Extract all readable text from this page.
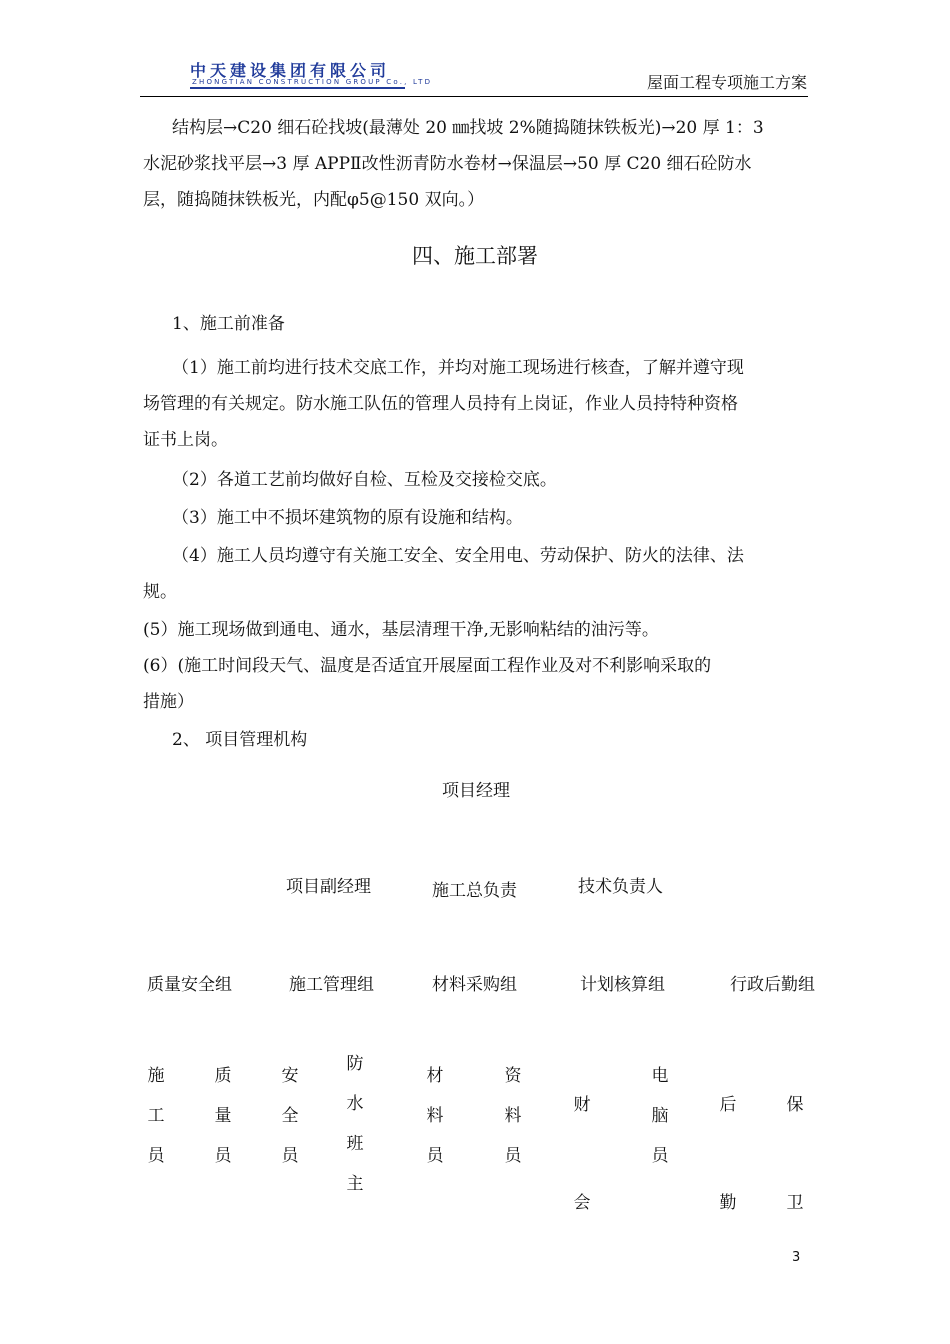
中天建设集团有限公司
ZHONGTIAN CONSTRUCTION GROUP Co., LTD	屋面工程专项施工方案
结构层→C20 细石砼找坡(最薄处 20 ㎜找坡 2%随捣随抹铁板光)→20 厚 1：3
水泥砂浆找平层→3 厚 APPⅡ改性沥青防水卷材→保温层→50 厚 C20 细石砼防水
层，随捣随抹铁板光，内配φ5@150 双向。）
四、施工部署
1、施工前准备
（1）施工前均进行技术交底工作，并均对施工现场进行核查，了解并遵守现
场管理的有关规定。防水施工队伍的管理人员持有上岗证，作业人员持特种资格
证书上岗。
（2）各道工艺前均做好自检、互检及交接检交底。
（3）施工中不损坏建筑物的原有设施和结构。
（4）施工人员均遵守有关施工安全、安全用电、劳动保护、防火的法律、法
规。
(5）施工现场做到通电、通水，基层清理干净,无影响粘结的油污等。
(6）(施工时间段天气、温度是否适宜开展屋面工程作业及对不利影响采取的
措施）
2、 项目管理机构
项目经理
项目副经理	施工总负责	技术负责人
质量安全组	施工管理组	材料采购组	计划核算组	行政后勤组
施
工
员
质
量
员
安
全
员
防
水
班
主
材
料
员
资
料
员
财
会
电
脑
员
后
勤
保
卫
3
